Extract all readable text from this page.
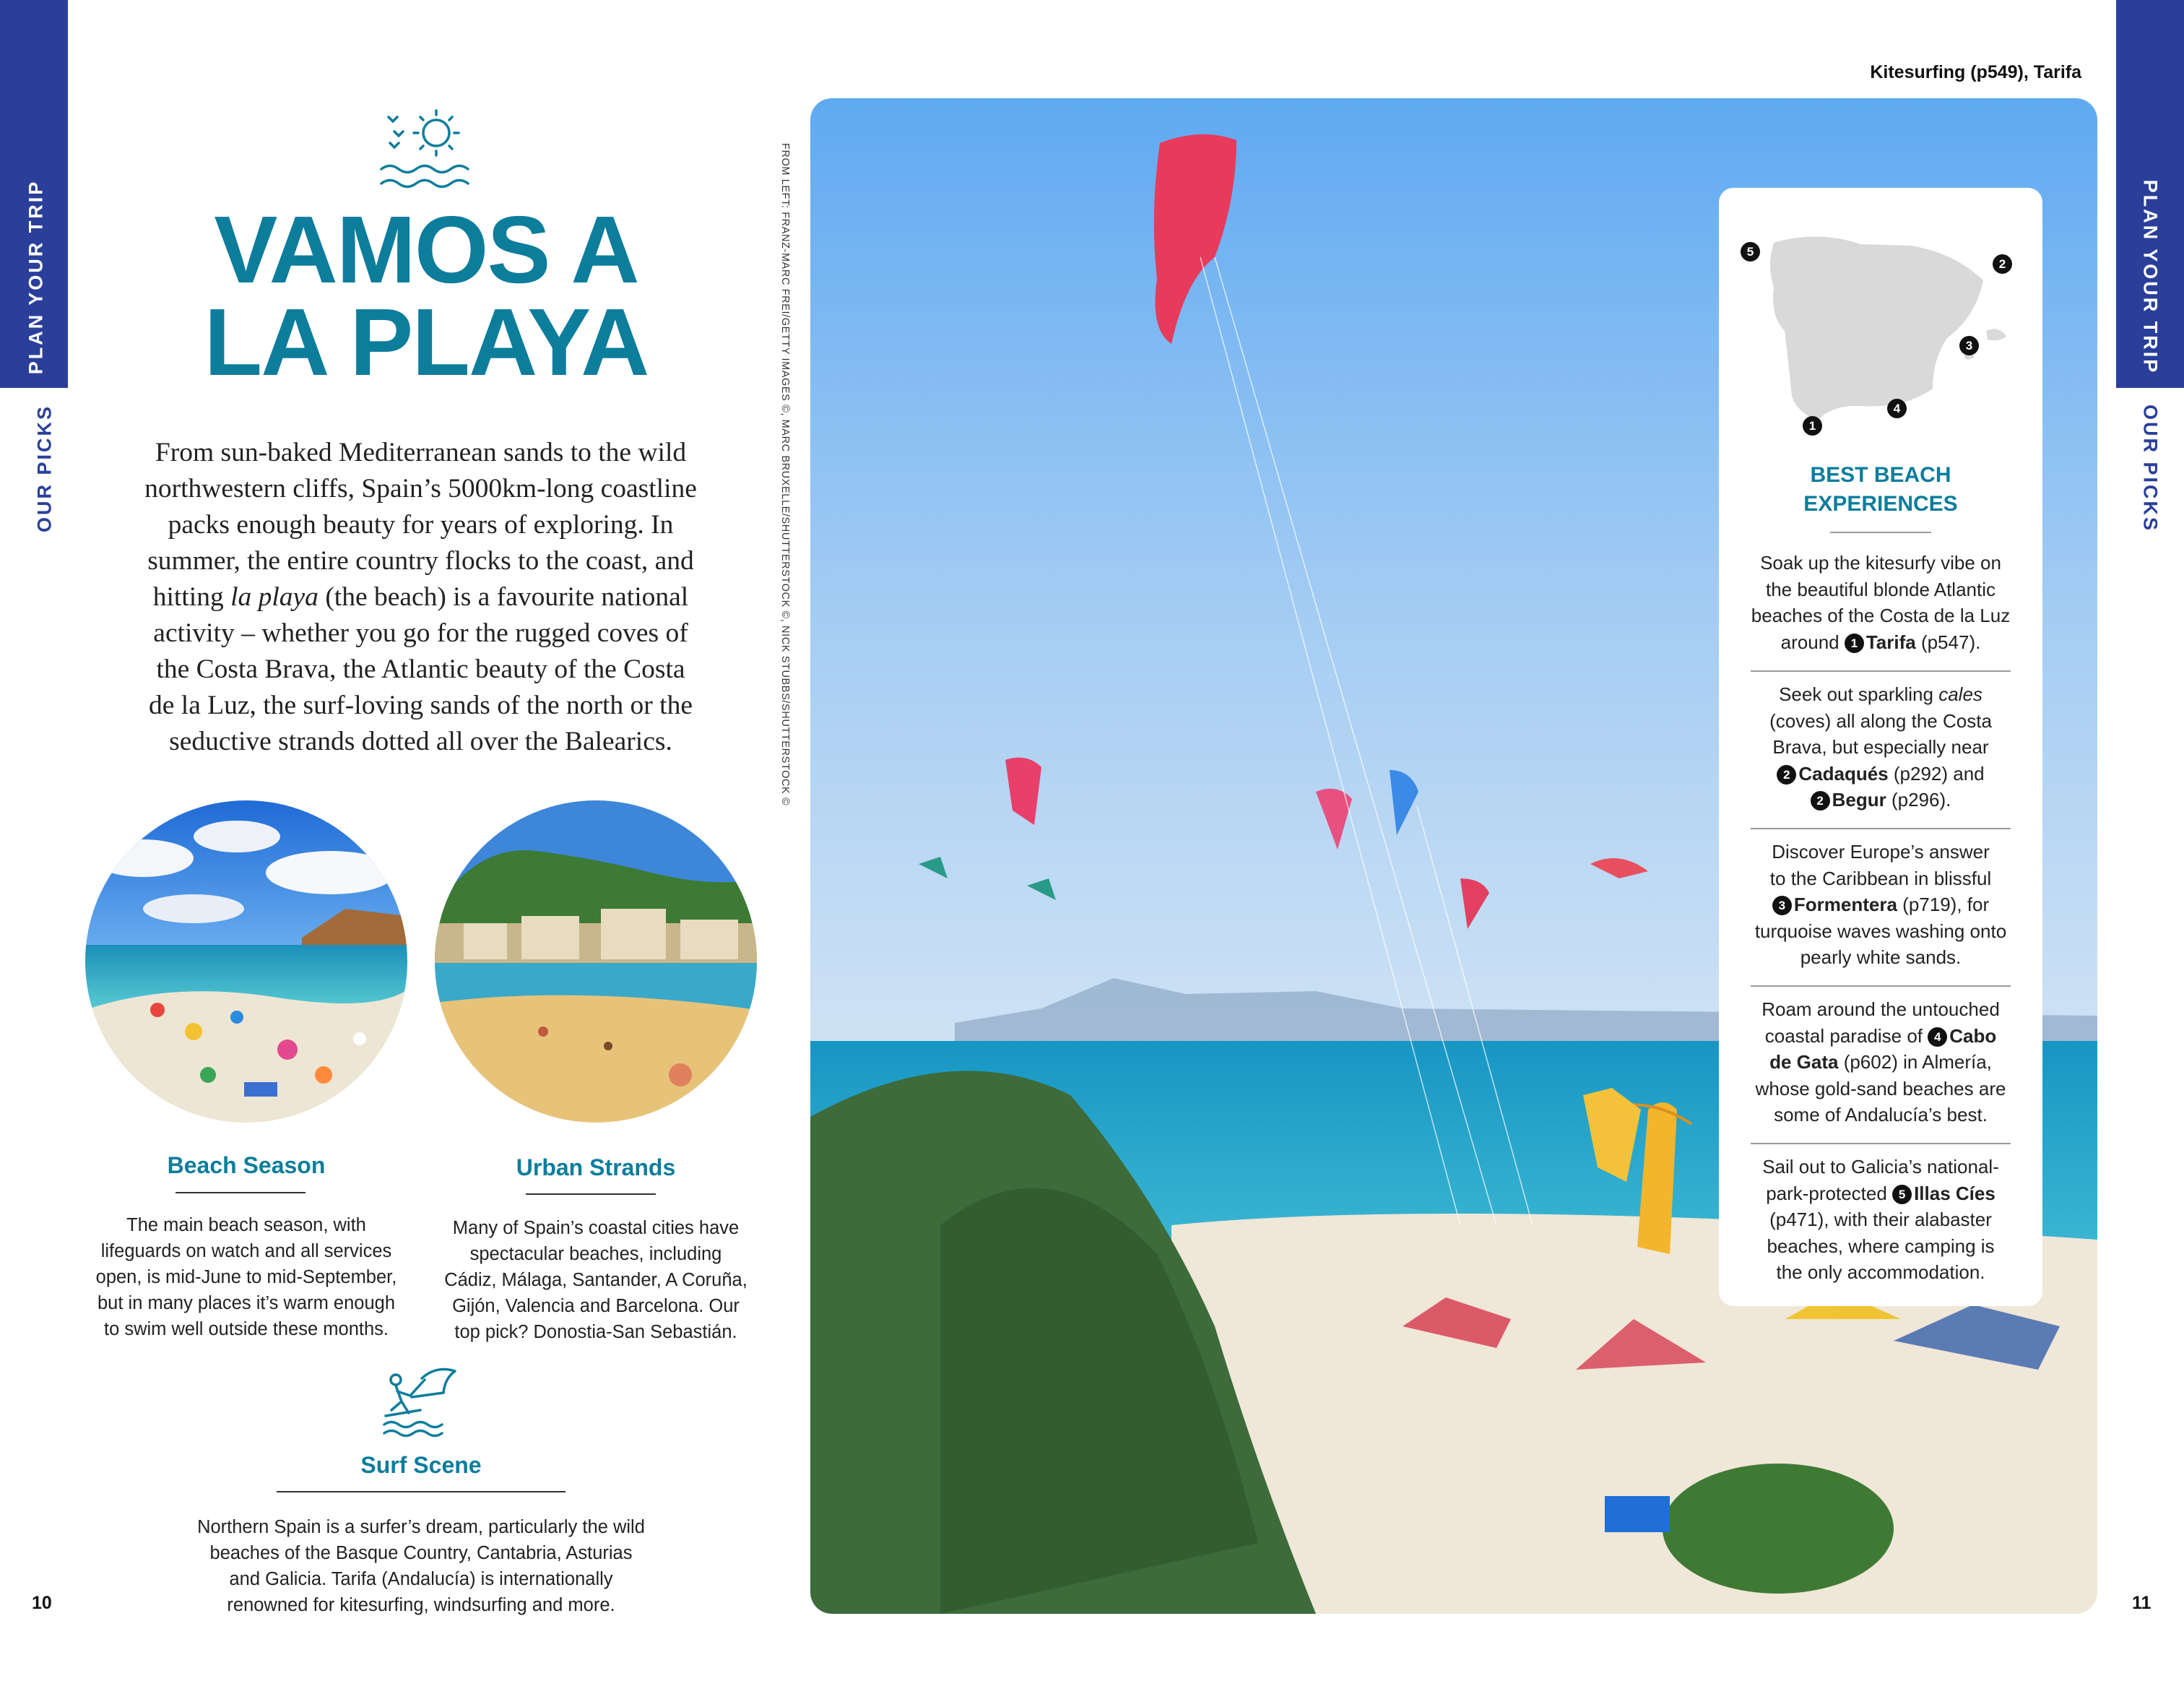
PLAN YOUR TRIP
OUR PICKS
VAMOS A
LA PLAYA
From sun-baked Mediterranean sands to the wild
northwestern cliffs, Spain’s 5000km-long coastline
packs enough beauty for years of exploring. In
summer, the entire country flocks to the coast, and
hitting la playa (the beach) is a favourite national
activity – whether you go for the rugged coves of
the Costa Brava, the Atlantic beauty of the Costa
de la Luz, the surf-loving sands of the north or the
seductive strands dotted all over the Balearics.
Beach Season
The main beach season, with
lifeguards on watch and all services
open, is mid-June to mid-September,
but in many places it’s warm enough
to swim well outside these months.
Urban Strands
Many of Spain’s coastal cities have
spectacular beaches, including
Cádiz, Málaga, Santander, A Coruña,
Gijón, Valencia and Barcelona. Our
top pick? Donostia-San Sebastián.
Surf Scene
Northern Spain is a surfer’s dream, particularly the wild
beaches of the Basque Country, Cantabria, Asturias
and Galicia. Tarifa (Andalucía) is internationally
renowned for kitesurfing, windsurfing and more.
10
FROM LEFT: FRANZ-MARC FREI/GETTY IMAGES ©, MARC BRUXELLE/SHUTTERSTOCK ©, NICK STUBBS/SHUTTERSTOCK ©
Kitesurfing (p549), Tarifa
5
2
3
4
1
BEST BEACH
EXPERIENCES
Soak up the kitesurfy vibe on
the beautiful blonde Atlantic
beaches of the Costa de la Luz
around 1 Tarifa (p547).
Seek out sparkling cales
(coves) all along the Costa
Brava, but especially near
2 Cadaqués (p292) and
2 Begur (p296).
Discover Europe’s answer
to the Caribbean in blissful
3 Formentera (p719), for
turquoise waves washing onto
pearly white sands.
Roam around the untouched
coastal paradise of 4 Cabo
de Gata (p602) in Almería,
whose gold-sand beaches are
some of Andalucía’s best.
Sail out to Galicia’s national-
park-protected 5 Illas Cíes
(p471), with their alabaster
beaches, where camping is
the only accommodation.
PLAN YOUR TRIP
OUR PICKS
11
